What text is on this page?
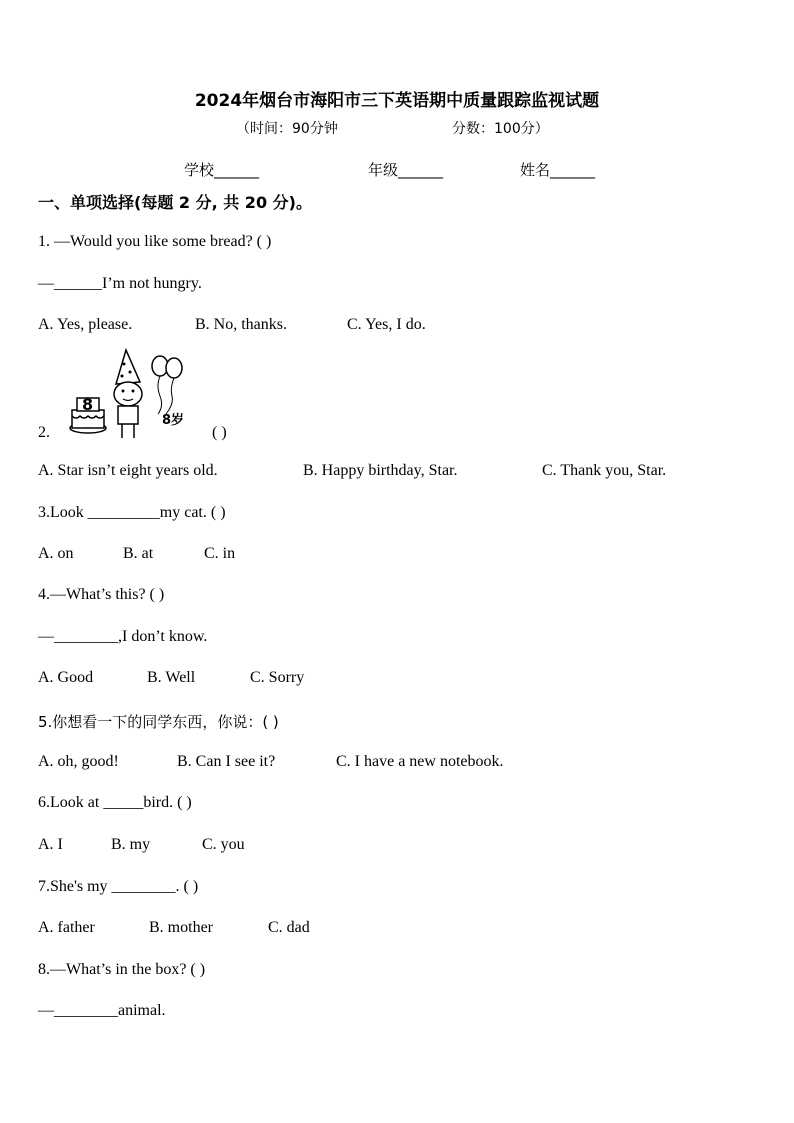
2024年烟台市海阳市三下英语期中质量跟踪监视试题
（时间：90分钟	分数：100分）
学校______	年级______	姓名______
一、单项选择(每题 2 分, 共 20 分)。
1. —Would you like some bread? ( )
—______I’m not hungry.
A. Yes, please.	B. No, thanks.	C. Yes, I do.
8
8岁
2.	( )
A. Star isn’t eight years old.	B. Happy birthday, Star.	C. Thank you, Star.
3.Look _________my cat. ( )
A. on	B. at	C. in
4.—What’s this? ( )
—________,I don’t know.
A. Good	B. Well	C. Sorry
5.你想看一下的同学东西，你说：( )
A. oh, good!	B. Can I see it?	C. I have a new notebook.
6.Look at _____bird. ( )
A. I	B. my	C. you
7.She's my ________. ( )
A. father	B. mother	C. dad
8.—What’s in the box? ( )
—________animal.
